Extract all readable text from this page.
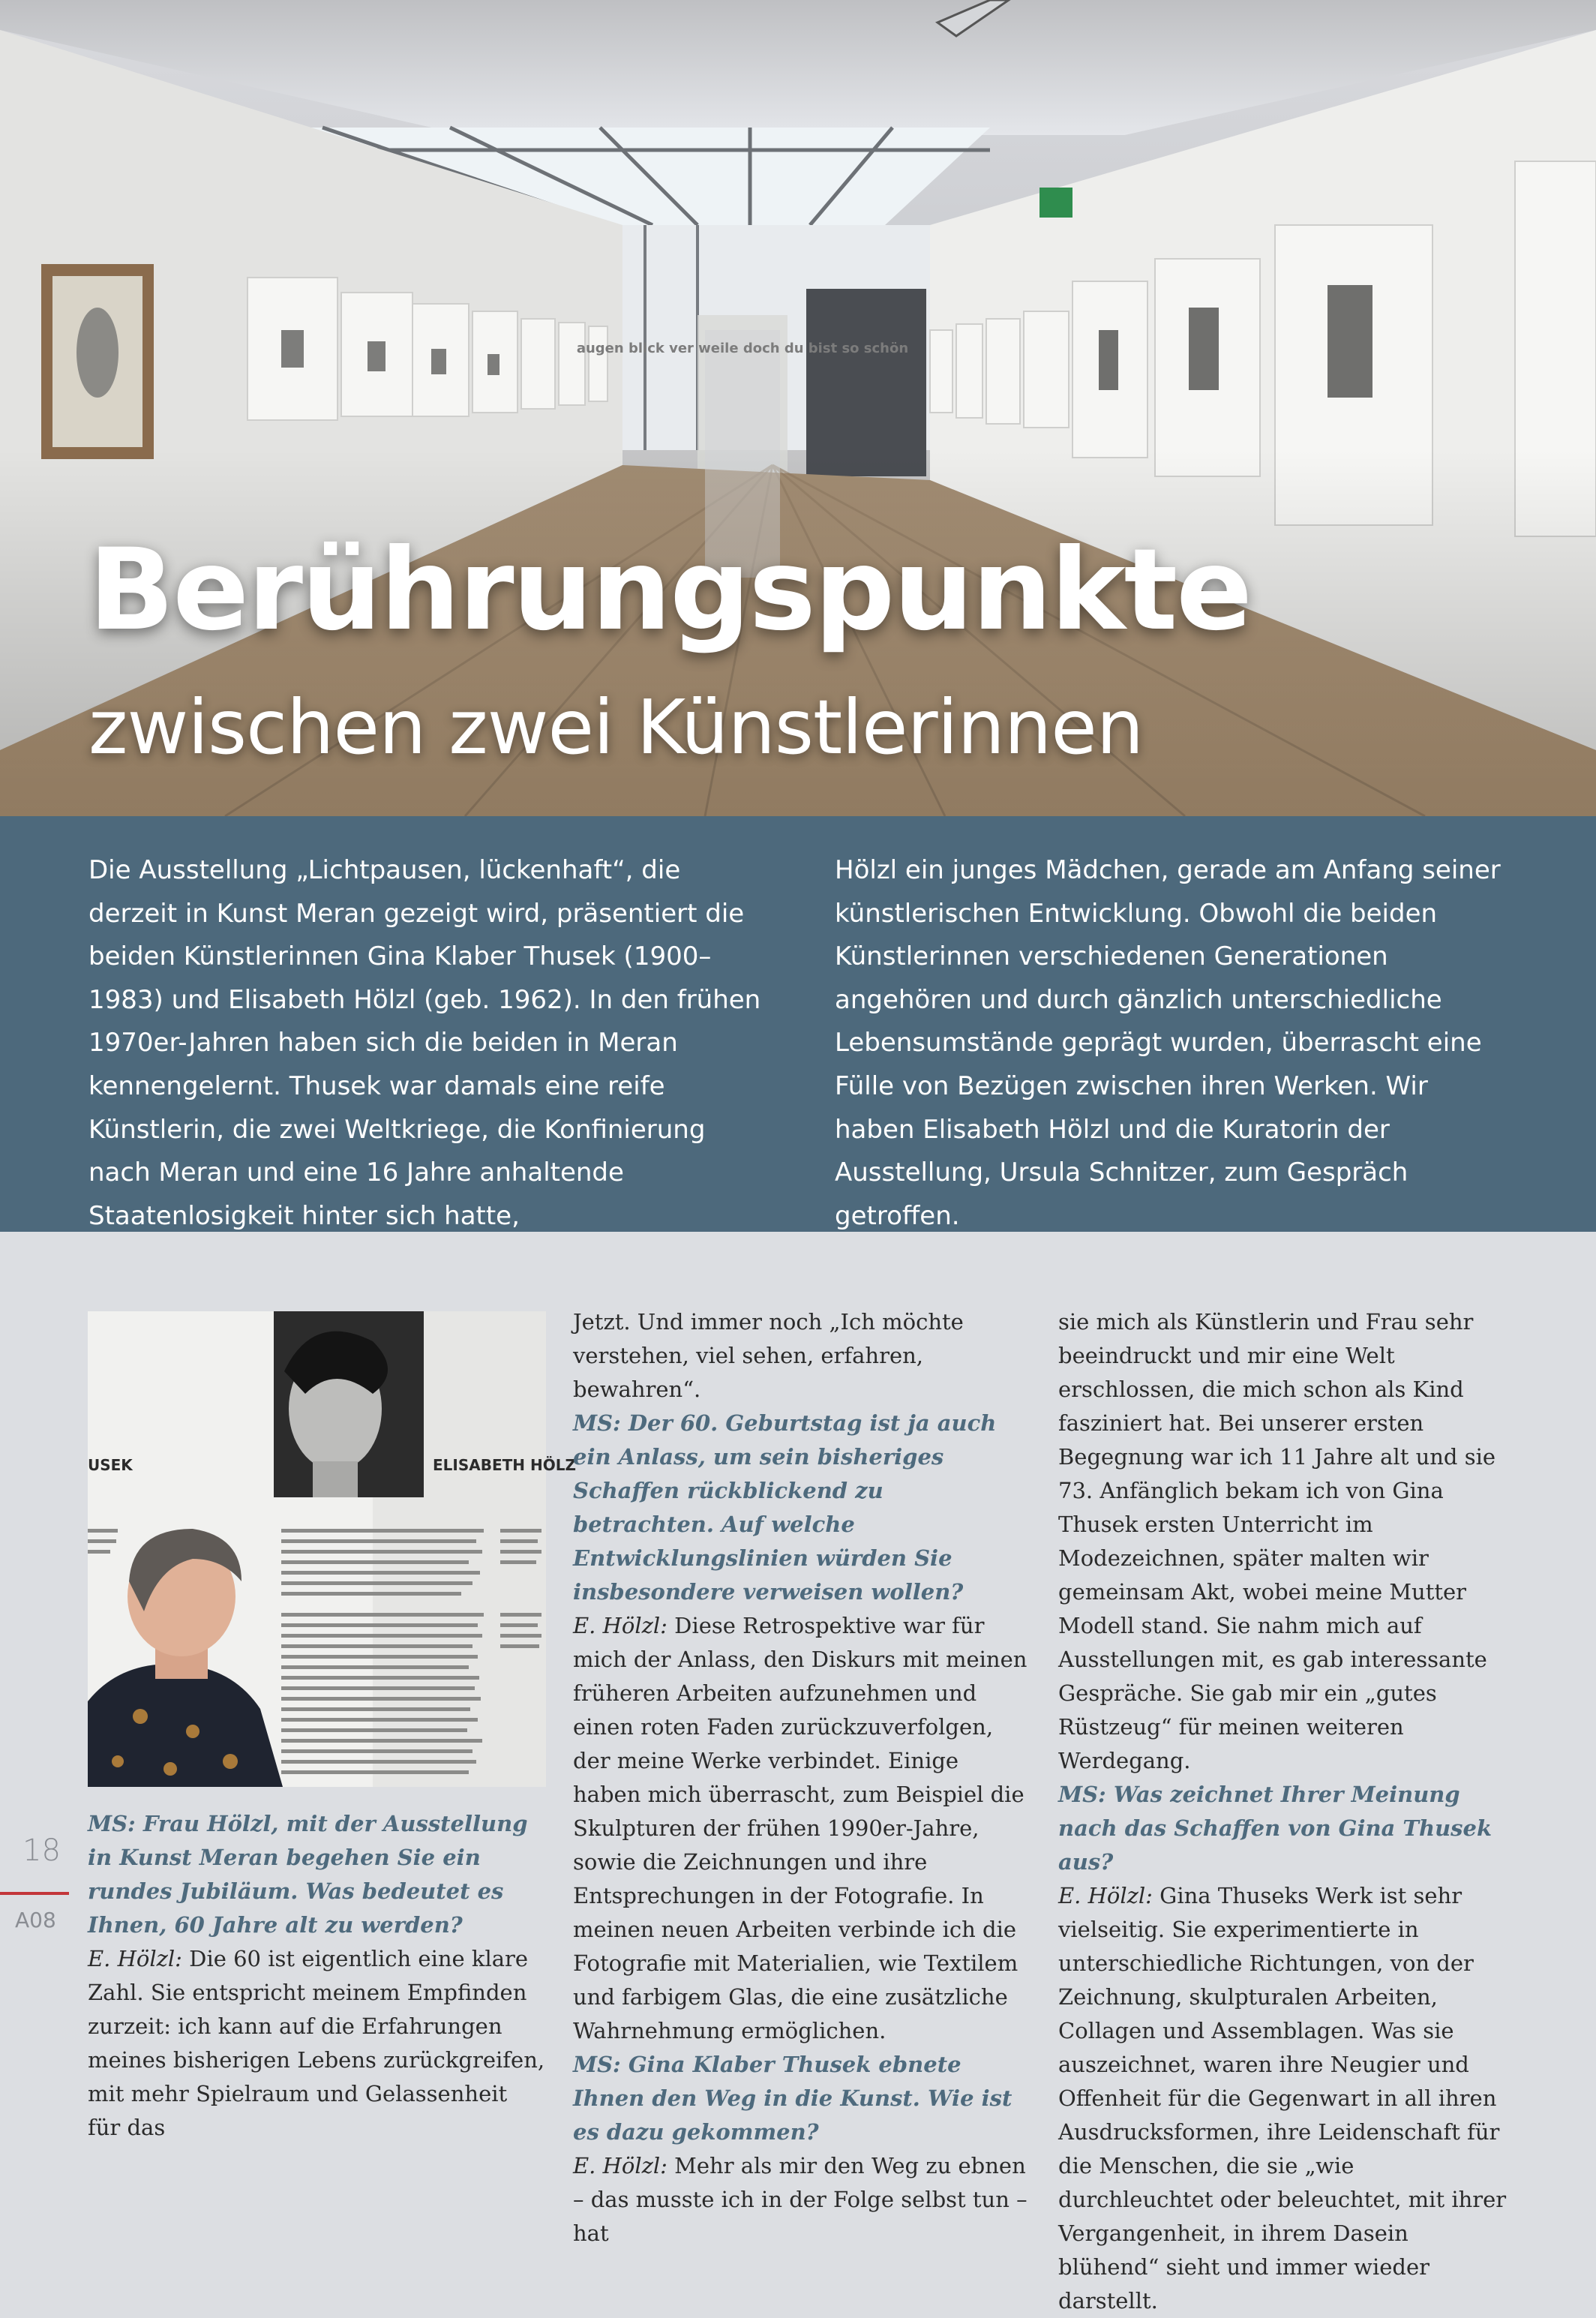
Berührungspunkte
zwischen zwei Künstlerinnen

Die Ausstellung „Lichtpausen, lückenhaft“, die derzeit in Kunst Meran gezeigt wird, präsentiert die beiden Künstlerinnen Gina Klaber Thusek (1900–1983) und Elisabeth Hölzl (geb. 1962). In den frühen 1970er-Jahren haben sich die beiden in Meran kennengelernt. Thusek war damals eine reife Künstlerin, die zwei Weltkriege, die Konfinierung nach Meran und eine 16 Jahre anhaltende Staatenlosigkeit hinter sich hatte,

Hölzl ein junges Mädchen, gerade am Anfang seiner künstlerischen Entwicklung. Obwohl die beiden Künstlerinnen verschiedenen Generationen angehören und durch gänzlich unterschiedliche Lebensumstände geprägt wurden, überrascht eine Fülle von Bezügen zwischen ihren Werken. Wir haben Elisabeth Hölzl und die Kuratorin der Ausstellung, Ursula Schnitzer, zum Gespräch getroffen.

USEK	ELISABETH HÖLZ

MS: Frau Hölzl, mit der Ausstellung in Kunst Meran begehen Sie ein rundes Jubiläum. Was bedeutet es Ihnen, 60 Jahre alt zu werden?

E. Hölzl: Die 60 ist eigentlich eine klare Zahl. Sie entspricht meinem Empfinden zurzeit: ich kann auf die Erfahrungen meines bisherigen Lebens zurückgreifen, mit mehr Spielraum und Gelassenheit für das

Jetzt. Und immer noch „Ich möchte verstehen, viel sehen, erfahren, bewahren“.

MS: Der 60. Geburtstag ist ja auch ein Anlass, um sein bisheriges Schaffen rückblickend zu betrachten. Auf welche Entwicklungslinien würden Sie insbesondere verweisen wollen?

E. Hölzl: Diese Retrospektive war für mich der Anlass, den Diskurs mit meinen früheren Arbeiten aufzunehmen und einen roten Faden zurückzuverfolgen, der meine Werke verbindet. Einige haben mich überrascht, zum Beispiel die Skulpturen der frühen 1990er-Jahre, sowie die Zeichnungen und ihre Entsprechungen in der Fotografie. In meinen neuen Arbeiten verbinde ich die Fotografie mit Materialien, wie Textilem und farbigem Glas, die eine zusätzliche Wahrnehmung ermöglichen.

MS: Gina Klaber Thusek ebnete Ihnen den Weg in die Kunst. Wie ist es dazu gekommen?

E. Hölzl: Mehr als mir den Weg zu ebnen – das musste ich in der Folge selbst tun – hat

sie mich als Künstlerin und Frau sehr beeindruckt und mir eine Welt erschlossen, die mich schon als Kind fasziniert hat. Bei unserer ersten Begegnung war ich 11 Jahre alt und sie 73. Anfänglich bekam ich von Gina Thusek ersten Unterricht im Modezeichnen, später malten wir gemeinsam Akt, wobei meine Mutter Modell stand. Sie nahm mich auf Ausstellungen mit, es gab interessante Gespräche. Sie gab mir ein „gutes Rüstzeug“ für meinen weiteren Werdegang.

MS: Was zeichnet Ihrer Meinung nach das Schaffen von Gina Thusek aus?

E. Hölzl: Gina Thuseks Werk ist sehr vielseitig. Sie experimentierte in unterschiedliche Richtungen, von der Zeichnung, skulpturalen Arbeiten, Collagen und Assemblagen. Was sie auszeichnet, waren ihre Neugier und Offenheit für die Gegenwart in all ihren Ausdrucksformen, ihre Leidenschaft für die Menschen, die sie „wie durchleuchtet oder beleuchtet, mit ihrer Vergangenheit, in ihrem Dasein blühend“ sieht und immer wieder darstellt.

18
A08
